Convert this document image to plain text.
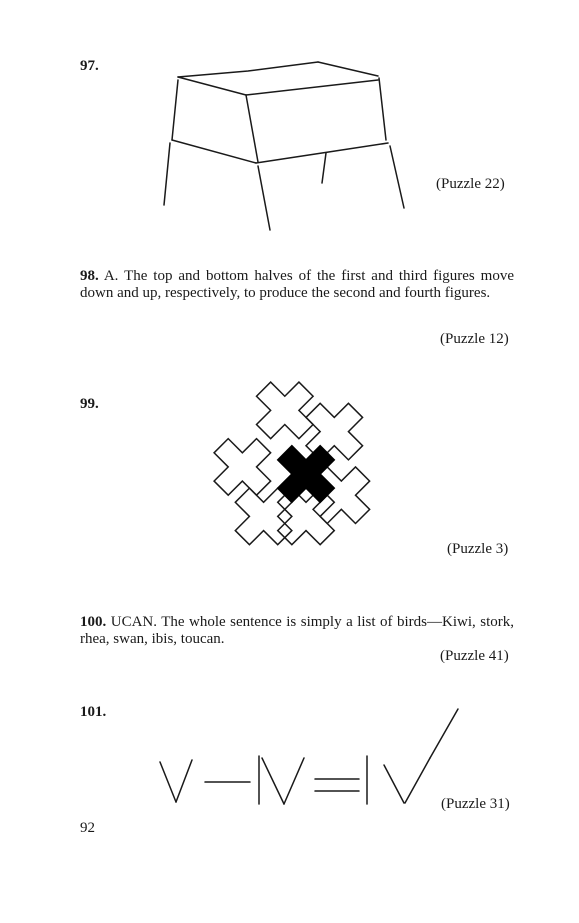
97.
(Puzzle 22)
98. A. The top and bottom halves of the first and third figures move down and up, respectively, to produce the second and fourth figures.
(Puzzle 12)
99.
(Puzzle 3)
100. UCAN. The whole sentence is simply a list of birds—Kiwi, stork, rhea, swan, ibis, toucan.
(Puzzle 41)
101.
(Puzzle 31)
92
